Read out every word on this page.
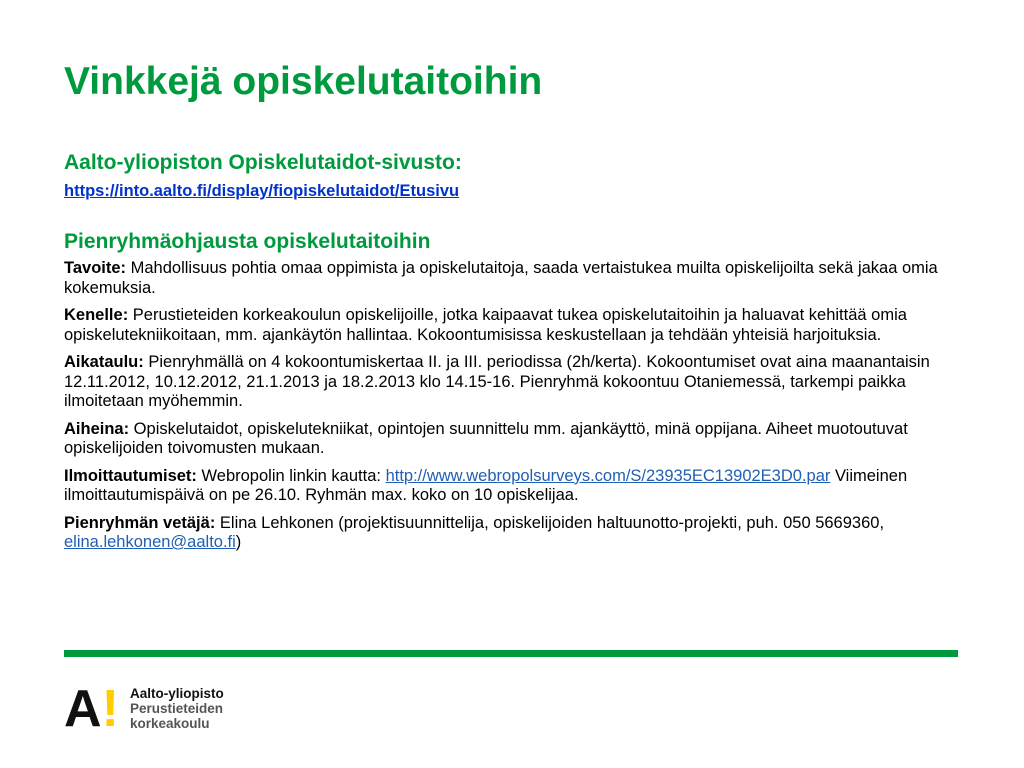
Vinkkejä opiskelutaitoihin
Aalto-yliopiston Opiskelutaidot-sivusto:
https://into.aalto.fi/display/fiopiskelutaidot/Etusivu
Pienryhmäohjausta opiskelutaitoihin

Tavoite: Mahdollisuus pohtia omaa oppimista ja opiskelutaitoja, saada vertaistukea muilta opiskelijoilta sekä jakaa omia kokemuksia.

Kenelle: Perustieteiden korkeakoulun opiskelijoille, jotka kaipaavat tukea opiskelutaitoihin ja haluavat kehittää omia opiskelutekniikoitaan, mm. ajankäytön hallintaa. Kokoontumisissa keskustellaan ja tehdään yhteisiä harjoituksia.

Aikataulu: Pienryhmällä on 4 kokoontumiskertaa II. ja III. periodissa (2h/kerta). Kokoontumiset ovat aina maanantaisin 12.11.2012, 10.12.2012, 21.1.2013 ja 18.2.2013 klo 14.15-16. Pienryhmä kokoontuu Otaniemessä, tarkempi paikka ilmoitetaan myöhemmin.

Aiheina: Opiskelutaidot, opiskelutekniikat, opintojen suunnittelu mm. ajankäyttö, minä oppijana. Aiheet muotoutuvat opiskelijoiden toivomusten mukaan.

Ilmoittautumiset: Webropolin linkin kautta: http://www.webropolsurveys.com/S/23935EC13902E3D0.par Viimeinen ilmoittautumispäivä on pe 26.10. Ryhmän max. koko on 10 opiskelijaa.

Pienryhmän vetäjä: Elina Lehkonen (projektisuunnittelija, opiskelijoiden haltuunotto-projekti, puh. 050 5669360, elina.lehkonen@aalto.fi)

A! Aalto-yliopisto
Perustieteiden
korkeakoulu
